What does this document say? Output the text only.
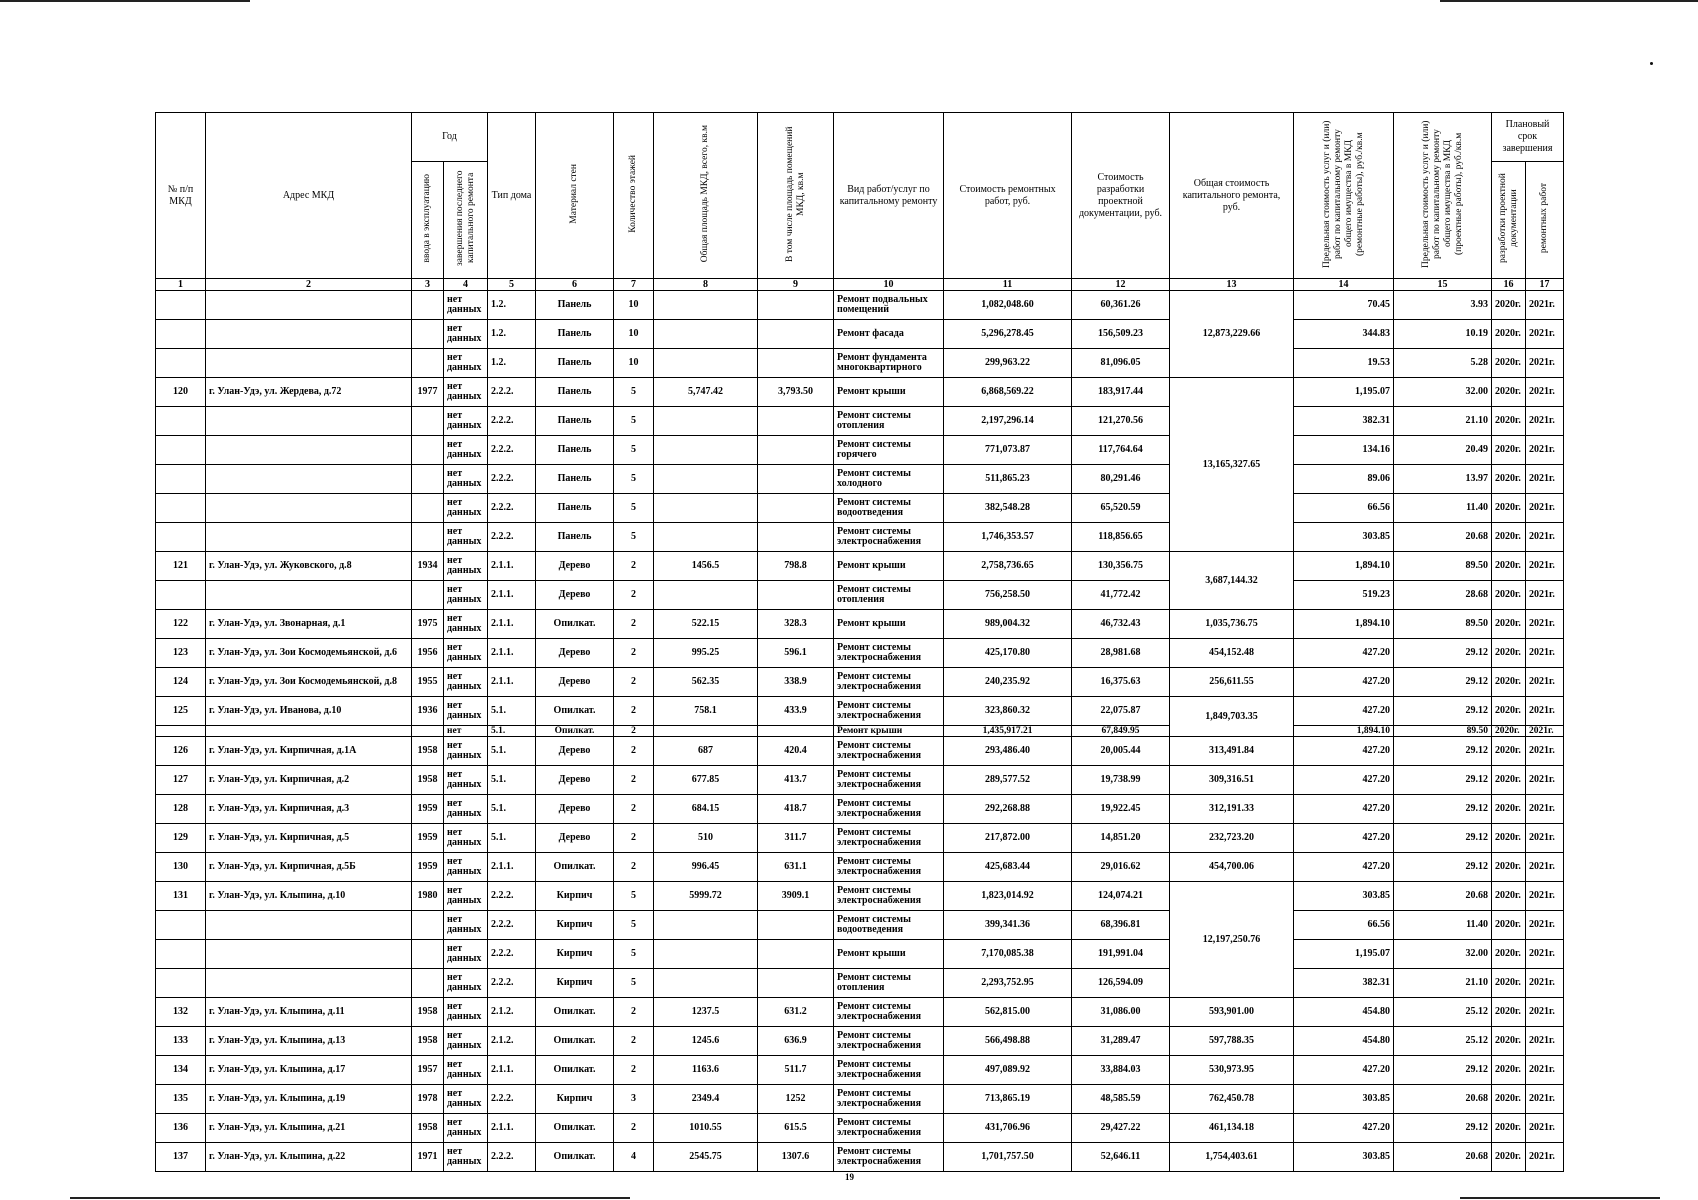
№ п/п МКД	Адрес МКД	Год		Тип дома	Материал стен	Количество этажей	Общая площадь МКД, всего, кв.м	В том числе площадь помещений МКД, кв.м	Вид работ/услуг по капитальному ремонту	Стоимость ремонтных работ, руб.	Стоимость разработки проектной документации, руб.	Общая стоимость капитального ремонта, руб.	Предельная стоимость услуг и (или) работ по капитальному ремонту общего имущества в МКД (ремонтные работы), руб./кв.м	Предельная стоимость услуг и (или) работ по капитальному ремонту общего имущества в МКД (проектные работы), руб./кв.м	Плановый срок завершения	
		ввода в эксплуатацию	завершения последнего капитального ремонта												разработки проектной документации	ремонтных работ
1	2	3	4	5	6	7	8	9	10	11	12	13	14	15	16	17
			нет данных	1.2.	Панель	10			Ремонт подвальных помещений	1,082,048.60	60,361.26	12,873,229.66	70.45	3.93	2020г.	2021г.
			нет данных	1.2.	Панель	10			Ремонт фасада	5,296,278.45	156,509.23		344.83	10.19	2020г.	2021г.
			нет данных	1.2.	Панель	10			Ремонт фундамента многоквартирного	299,963.22	81,096.05		19.53	5.28	2020г.	2021г.
120	г. Улан-Удэ, ул. Жердева, д.72	1977	нет данных	2.2.2.	Панель	5	5,747.42	3,793.50	Ремонт крыши	6,868,569.22	183,917.44	13,165,327.65	1,195.07	32.00	2020г.	2021г.
			нет данных	2.2.2.	Панель	5			Ремонт системы отопления	2,197,296.14	121,270.56		382.31	21.10	2020г.	2021г.
			нет данных	2.2.2.	Панель	5			Ремонт системы горячего	771,073.87	117,764.64		134.16	20.49	2020г.	2021г.
			нет данных	2.2.2.	Панель	5			Ремонт системы холодного	511,865.23	80,291.46		89.06	13.97	2020г.	2021г.
			нет данных	2.2.2.	Панель	5			Ремонт системы водоотведения	382,548.28	65,520.59		66.56	11.40	2020г.	2021г.
			нет данных	2.2.2.	Панель	5			Ремонт системы электроснабжения	1,746,353.57	118,856.65		303.85	20.68	2020г.	2021г.
121	г. Улан-Удэ, ул. Жуковского, д.8	1934	нет данных	2.1.1.	Дерево	2	1456.5	798.8	Ремонт крыши	2,758,736.65	130,356.75	3,687,144.32	1,894.10	89.50	2020г.	2021г.
			нет данных	2.1.1.	Дерево	2			Ремонт системы отопления	756,258.50	41,772.42		519.23	28.68	2020г.	2021г.
122	г. Улан-Удэ, ул. Звонарная, д.1	1975	нет данных	2.1.1.	Опилкат.	2	522.15	328.3	Ремонт крыши	989,004.32	46,732.43	1,035,736.75	1,894.10	89.50	2020г.	2021г.
123	г. Улан-Удэ, ул. Зои Космодемьянской, д.6	1956	нет данных	2.1.1.	Дерево	2	995.25	596.1	Ремонт системы электроснабжения	425,170.80	28,981.68	454,152.48	427.20	29.12	2020г.	2021г.
124	г. Улан-Удэ, ул. Зои Космодемьянской, д.8	1955	нет данных	2.1.1.	Дерево	2	562.35	338.9	Ремонт системы электроснабжения	240,235.92	16,375.63	256,611.55	427.20	29.12	2020г.	2021г.
125	г. Улан-Удэ, ул. Иванова, д.10	1936	нет данных	5.1.	Опилкат.	2	758.1	433.9	Ремонт системы электроснабжения	323,860.32	22,075.87	1,849,703.35	427.20	29.12	2020г.	2021г.
			нет	5.1.	Опилкат.	2			Ремонт крыши	1,435,917.21	67,849.95		1,894.10	89.50	2020г.	2021г.
126	г. Улан-Удэ, ул. Кирпичная, д.1А	1958	нет данных	5.1.	Дерево	2	687	420.4	Ремонт системы электроснабжения	293,486.40	20,005.44	313,491.84	427.20	29.12	2020г.	2021г.
127	г. Улан-Удэ, ул. Кирпичная, д.2	1958	нет данных	5.1.	Дерево	2	677.85	413.7	Ремонт системы электроснабжения	289,577.52	19,738.99	309,316.51	427.20	29.12	2020г.	2021г.
128	г. Улан-Удэ, ул. Кирпичная, д.3	1959	нет данных	5.1.	Дерево	2	684.15	418.7	Ремонт системы электроснабжения	292,268.88	19,922.45	312,191.33	427.20	29.12	2020г.	2021г.
129	г. Улан-Удэ, ул. Кирпичная, д.5	1959	нет данных	5.1.	Дерево	2	510	311.7	Ремонт системы электроснабжения	217,872.00	14,851.20	232,723.20	427.20	29.12	2020г.	2021г.
130	г. Улан-Удэ, ул. Кирпичная, д.5Б	1959	нет данных	2.1.1.	Опилкат.	2	996.45	631.1	Ремонт системы электроснабжения	425,683.44	29,016.62	454,700.06	427.20	29.12	2020г.	2021г.
131	г. Улан-Удэ, ул. Клыпина, д.10	1980	нет данных	2.2.2.	Кирпич	5	5999.72	3909.1	Ремонт системы электроснабжения	1,823,014.92	124,074.21	12,197,250.76	303.85	20.68	2020г.	2021г.
			нет данных	2.2.2.	Кирпич	5			Ремонт системы водоотведения	399,341.36	68,396.81		66.56	11.40	2020г.	2021г.
			нет данных	2.2.2.	Кирпич	5			Ремонт крыши	7,170,085.38	191,991.04		1,195.07	32.00	2020г.	2021г.
			нет данных	2.2.2.	Кирпич	5			Ремонт системы отопления	2,293,752.95	126,594.09		382.31	21.10	2020г.	2021г.
132	г. Улан-Удэ, ул. Клыпина, д.11	1958	нет данных	2.1.2.	Опилкат.	2	1237.5	631.2	Ремонт системы электроснабжения	562,815.00	31,086.00	593,901.00	454.80	25.12	2020г.	2021г.
133	г. Улан-Удэ, ул. Клыпина, д.13	1958	нет данных	2.1.2.	Опилкат.	2	1245.6	636.9	Ремонт системы электроснабжения	566,498.88	31,289.47	597,788.35	454.80	25.12	2020г.	2021г.
134	г. Улан-Удэ, ул. Клыпина, д.17	1957	нет данных	2.1.1.	Опилкат.	2	1163.6	511.7	Ремонт системы электроснабжения	497,089.92	33,884.03	530,973.95	427.20	29.12	2020г.	2021г.
135	г. Улан-Удэ, ул. Клыпина, д.19	1978	нет данных	2.2.2.	Кирпич	3	2349.4	1252	Ремонт системы электроснабжения	713,865.19	48,585.59	762,450.78	303.85	20.68	2020г.	2021г.
136	г. Улан-Удэ, ул. Клыпина, д.21	1958	нет данных	2.1.1.	Опилкат.	2	1010.55	615.5	Ремонт системы электроснабжения	431,706.96	29,427.22	461,134.18	427.20	29.12	2020г.	2021г.
137	г. Улан-Удэ, ул. Клыпина, д.22	1971	нет данных	2.2.2.	Опилкат.	4	2545.75	1307.6	Ремонт системы электроснабжения	1,701,757.50	52,646.11	1,754,403.61	303.85	20.68	2020г.	2021г.
19
